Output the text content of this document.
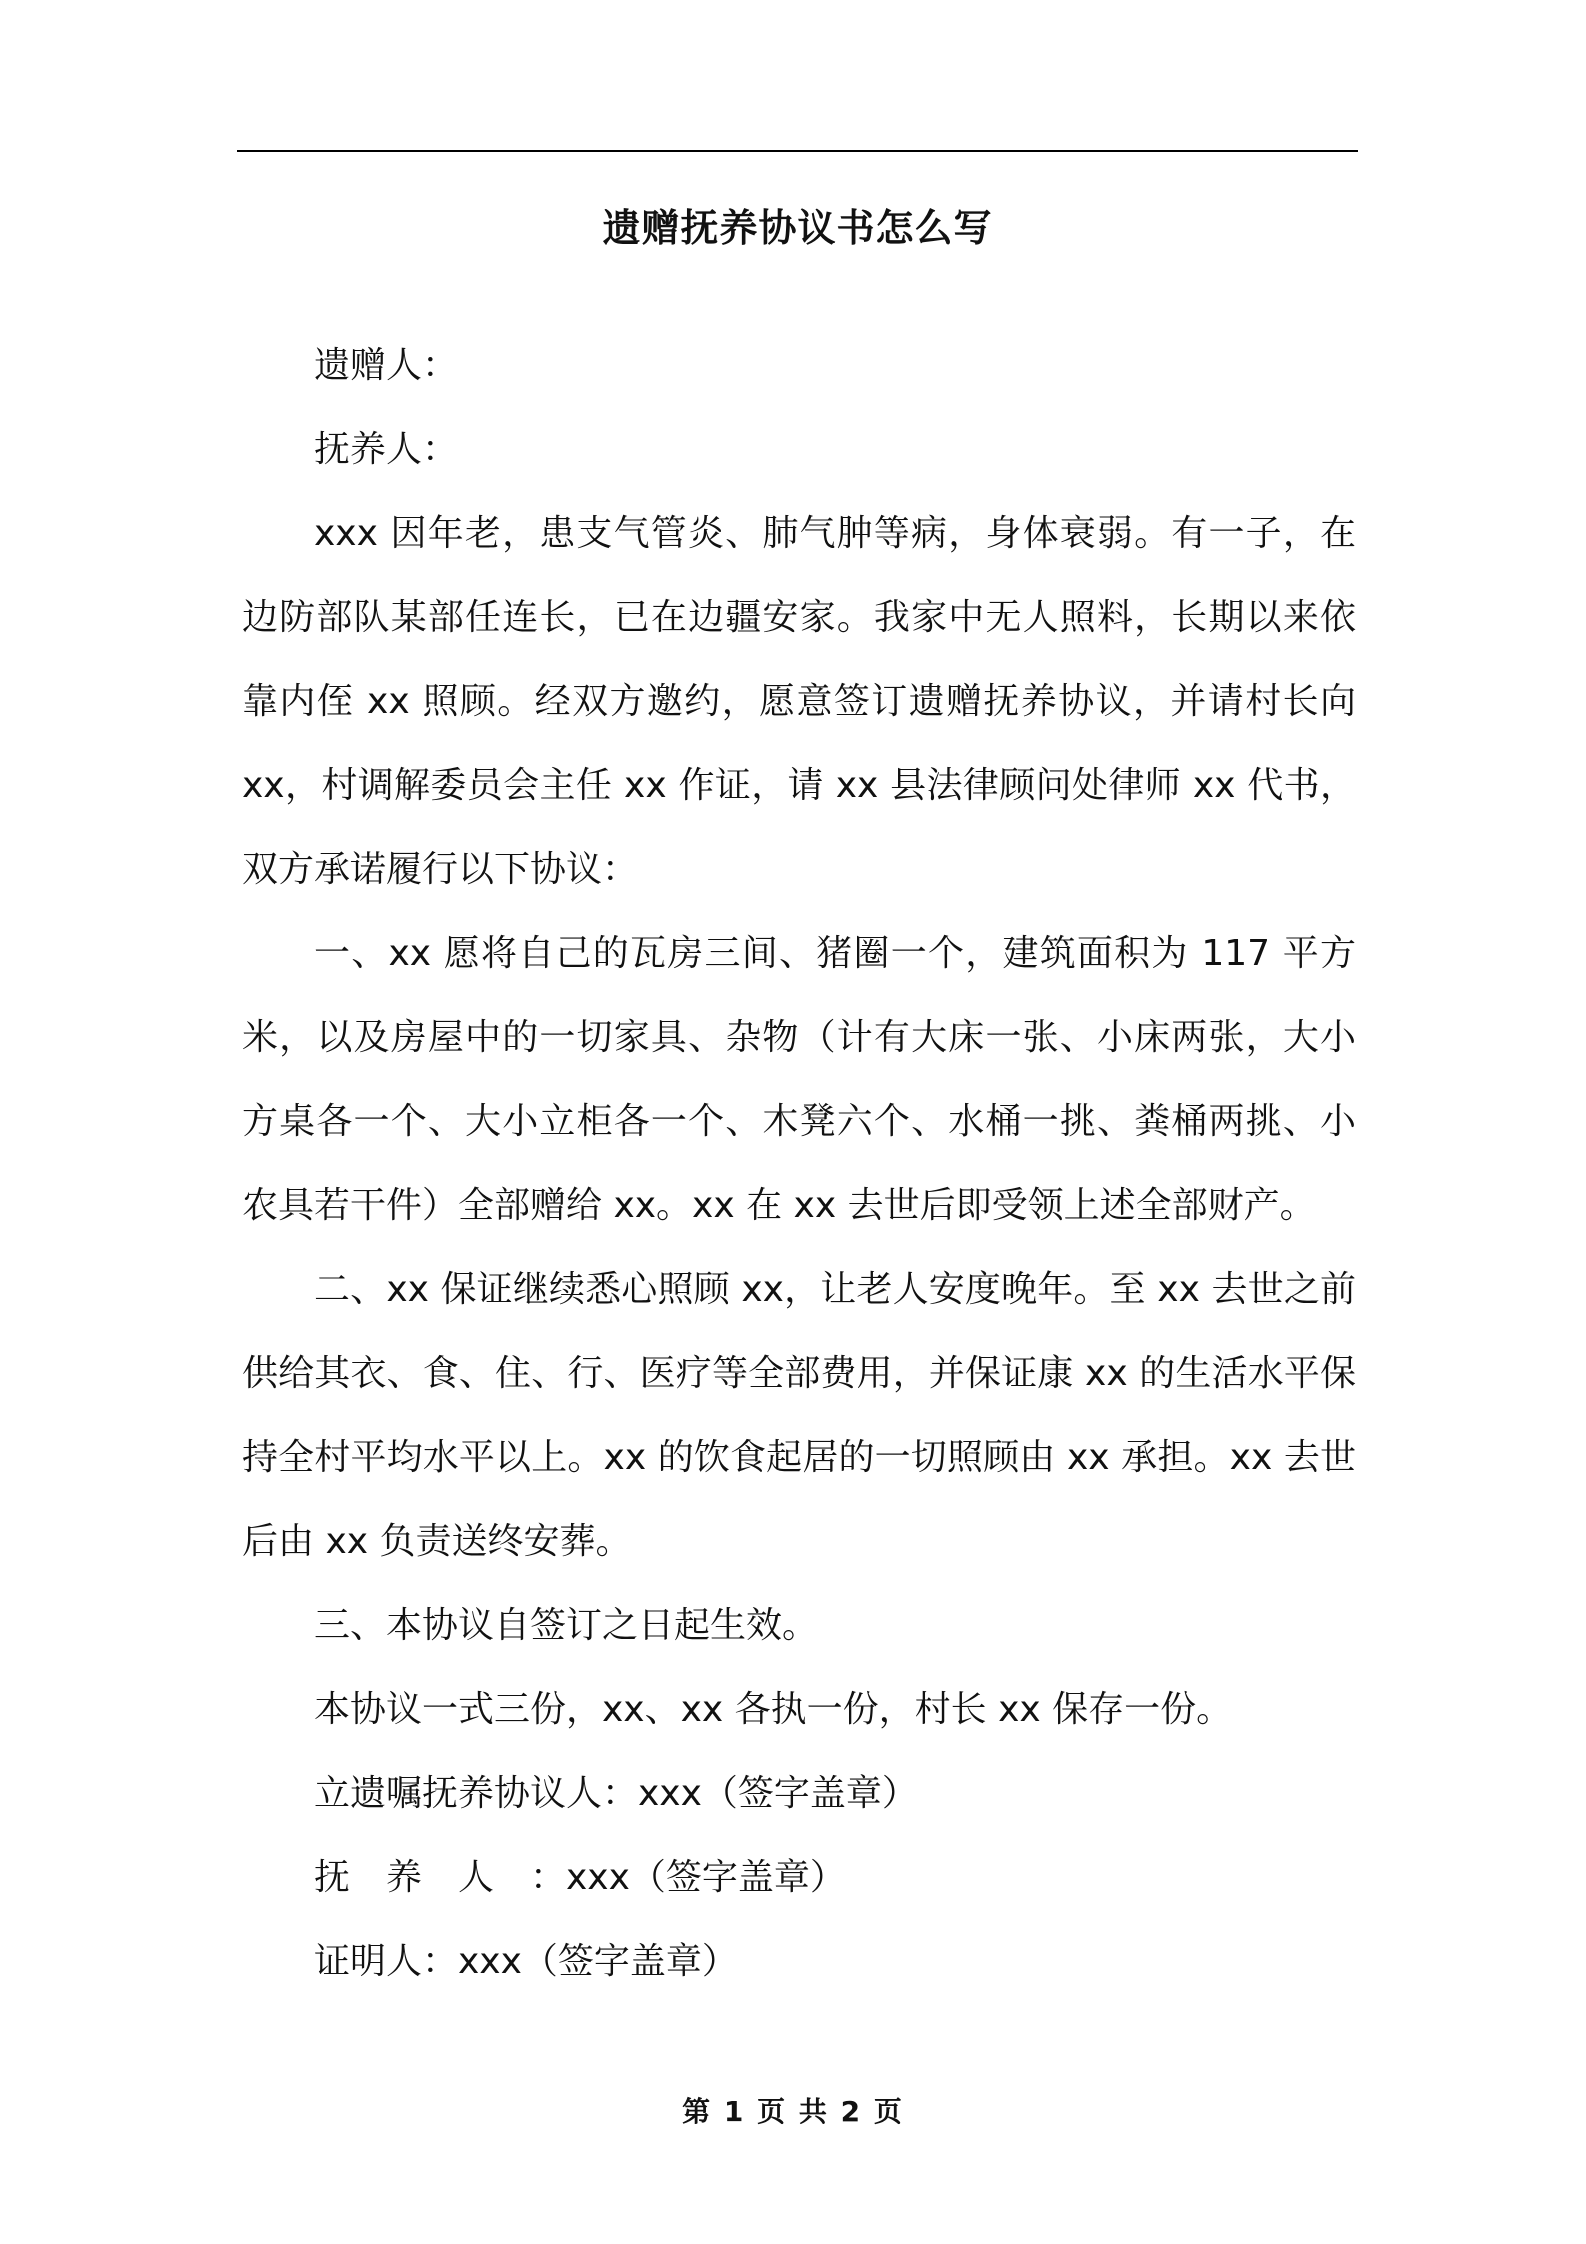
遗赠抚养协议书怎么写

遗赠人：

抚养人：

xxx 因年老，患支气管炎、肺气肿等病，身体衰弱。有一子，在边防部队某部任连长，已在边疆安家。我家中无人照料，长期以来依靠内侄 xx 照顾。经双方邀约，愿意签订遗赠抚养协议，并请村长向 xx，村调解委员会主任 xx 作证，请 xx 县法律顾问处律师 xx 代书，双方承诺履行以下协议：

一、xx 愿将自己的瓦房三间、猪圈一个，建筑面积为 117 平方米，以及房屋中的一切家具、杂物（计有大床一张、小床两张，大小方桌各一个、大小立柜各一个、木凳六个、水桶一挑、粪桶两挑、小农具若干件）全部赠给 xx。xx 在 xx 去世后即受领上述全部财产。

二、xx 保证继续悉心照顾 xx，让老人安度晚年。至 xx 去世之前供给其衣、食、住、行、医疗等全部费用，并保证康 xx 的生活水平保持全村平均水平以上。xx 的饮食起居的一切照顾由 xx 承担。xx 去世后由 xx 负责送终安葬。

三、本协议自签订之日起生效。

本协议一式三份，xx、xx 各执一份，村长 xx 保存一份。

立遗嘱抚养协议人：xxx（签字盖章）

抚　养　人　：xxx（签字盖章）

证明人：xxx（签字盖章）

第 1 页 共 2 页
